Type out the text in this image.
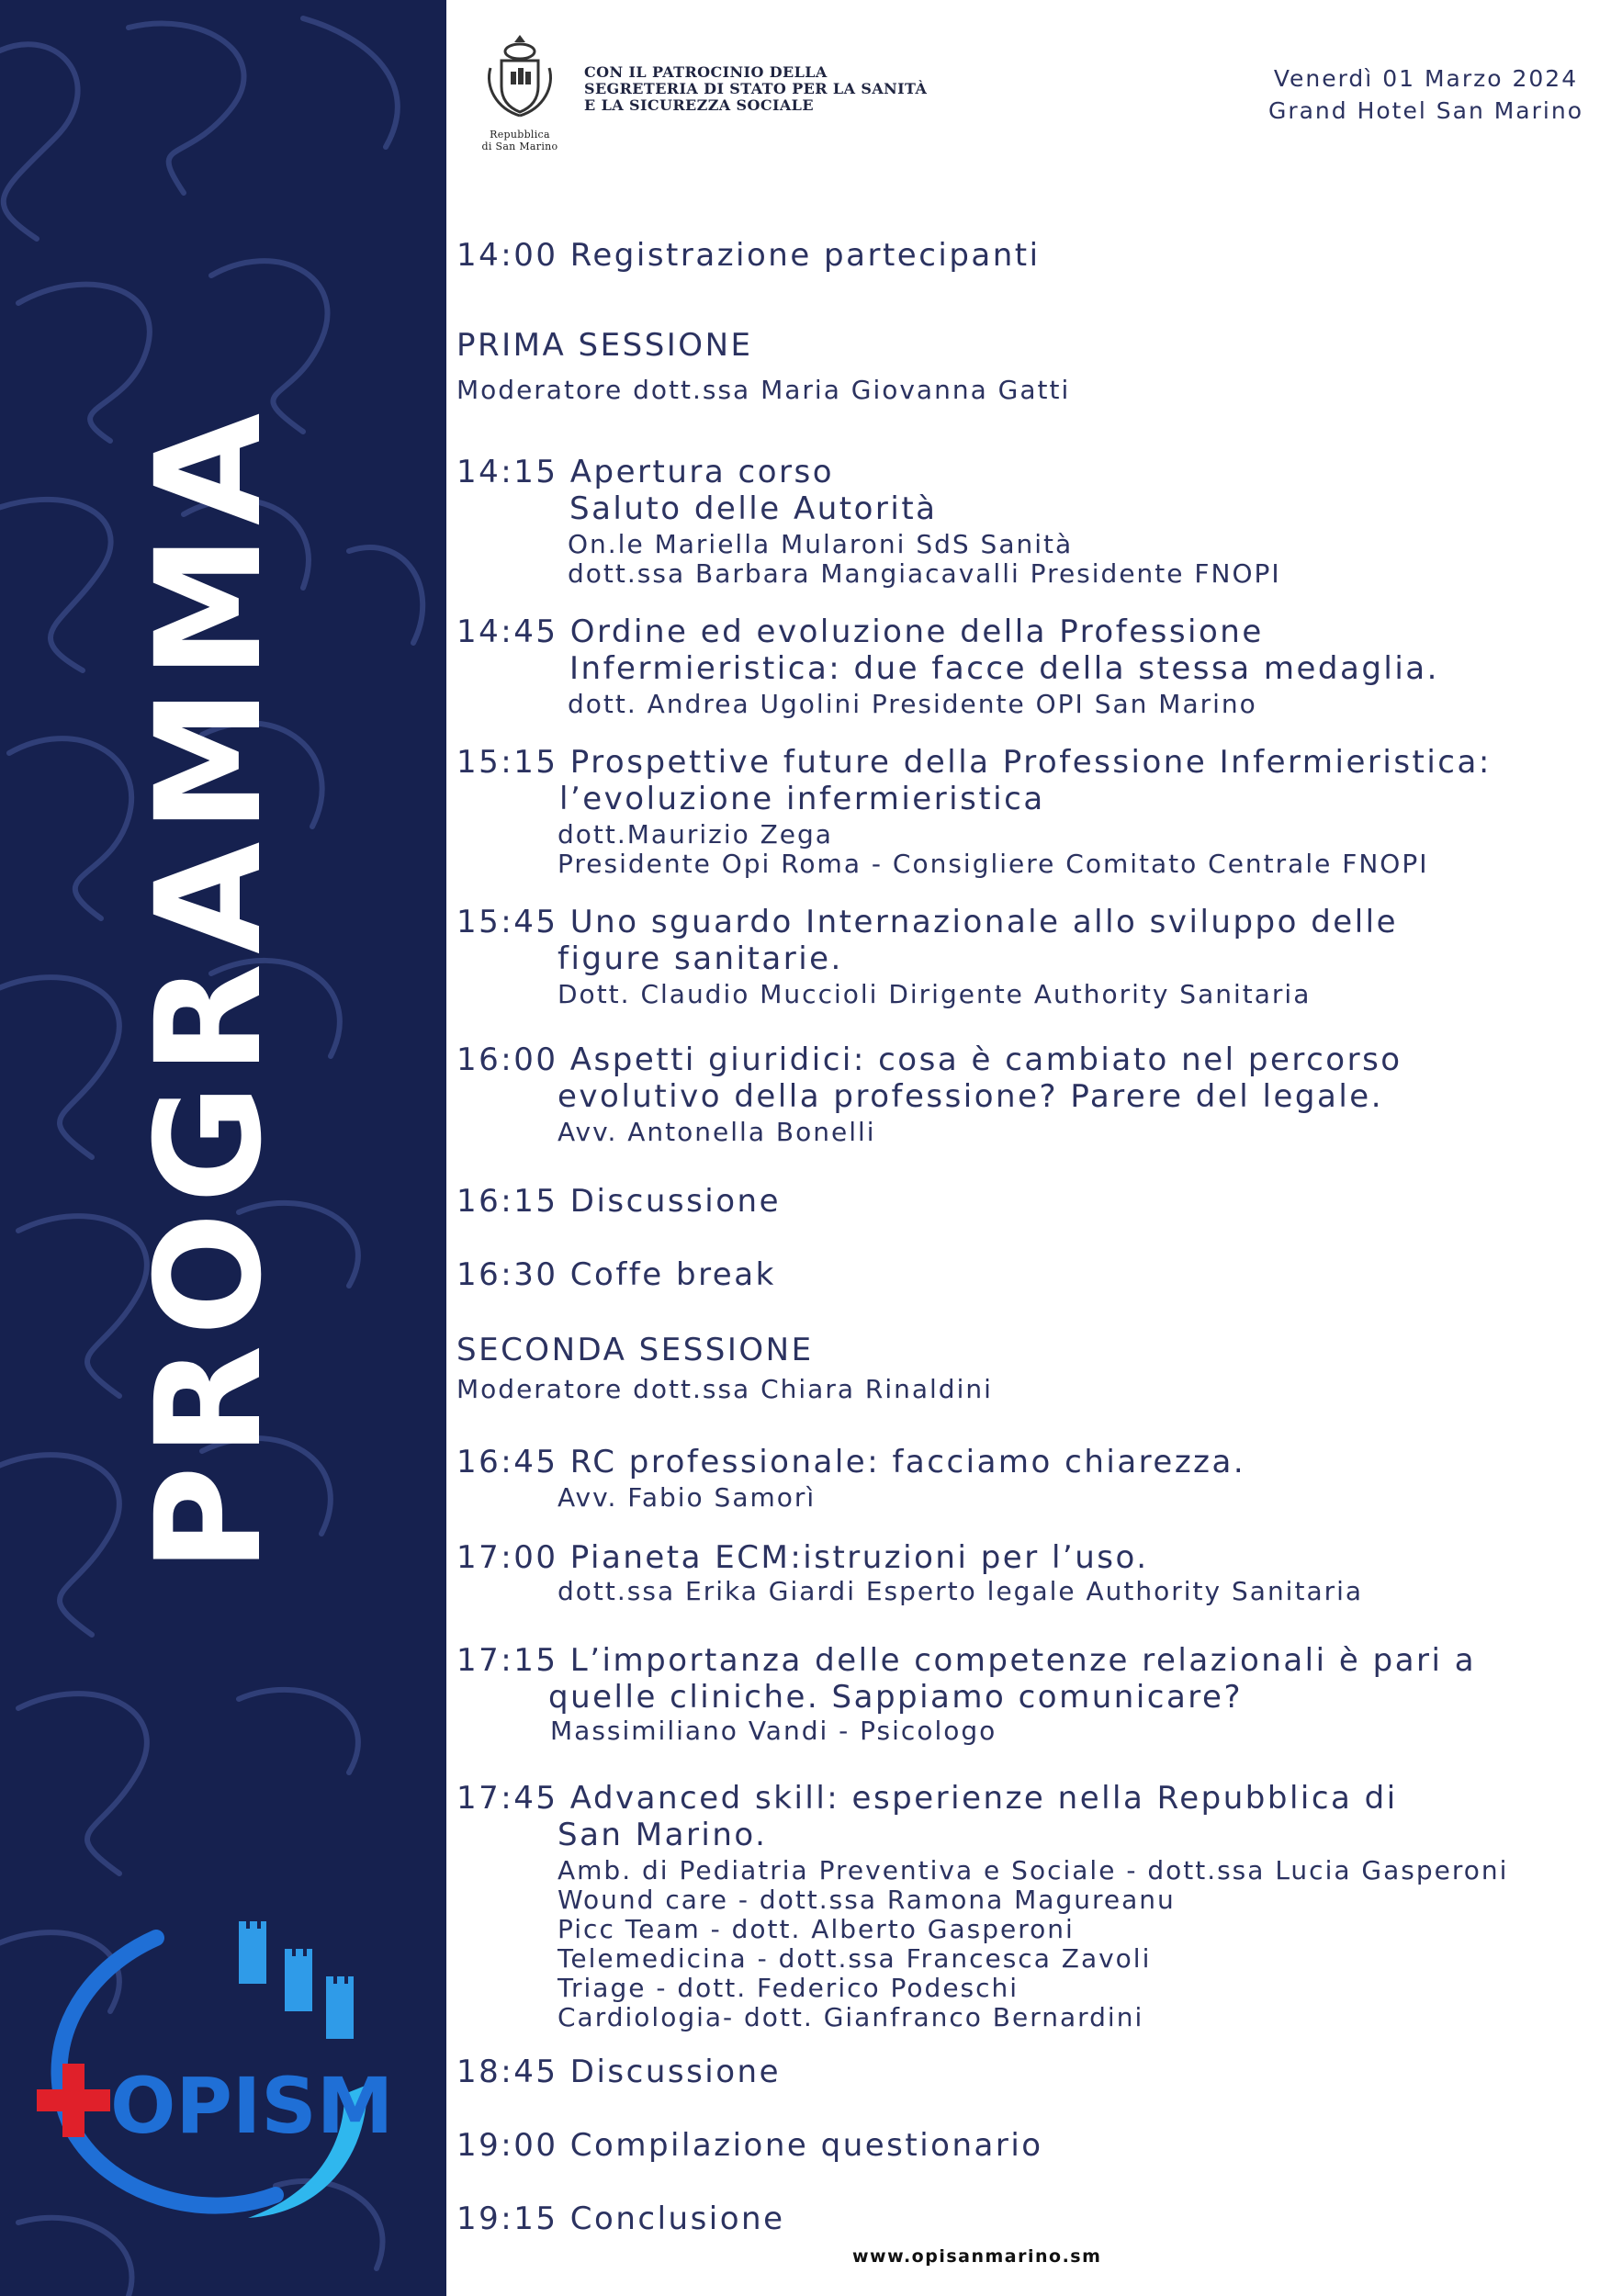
PROGRAMMA
OPISM
Repubblica
di San Marino
CON IL PATROCINIO DELLA
SEGRETERIA DI STATO PER LA SANITÀ
E LA SICUREZZA SOCIALE
Venerdì 01 Marzo 2024
Grand Hotel San Marino
14:00 Registrazione partecipanti
PRIMA SESSIONE
Moderatore dott.ssa Maria Giovanna Gatti
14:15 Apertura corso
Saluto delle Autorità
On.le Mariella Mularoni SdS Sanità
dott.ssa Barbara Mangiacavalli Presidente FNOPI
14:45 Ordine ed evoluzione della Professione
Infermieristica: due facce della stessa medaglia.
dott. Andrea Ugolini Presidente OPI San Marino
15:15 Prospettive future della Professione Infermieristica:
l’evoluzione infermieristica
dott.Maurizio Zega
Presidente Opi Roma - Consigliere Comitato Centrale FNOPI
15:45 Uno sguardo Internazionale allo sviluppo delle
figure sanitarie.
Dott. Claudio Muccioli Dirigente Authority Sanitaria
16:00 Aspetti giuridici: cosa è cambiato nel percorso
evolutivo della professione? Parere del legale.
Avv. Antonella Bonelli
16:15 Discussione
16:30 Coffe break
SECONDA SESSIONE
Moderatore dott.ssa Chiara Rinaldini
16:45 RC professionale: facciamo chiarezza.
Avv. Fabio Samorì
17:00 Pianeta ECM:istruzioni per l’uso.
dott.ssa Erika Giardi Esperto legale Authority Sanitaria
17:15 L’importanza delle competenze relazionali è pari a
quelle cliniche. Sappiamo comunicare?
Massimiliano Vandi - Psicologo
17:45 Advanced skill: esperienze nella Repubblica di
San Marino.
Amb. di Pediatria Preventiva e Sociale - dott.ssa Lucia Gasperoni
Wound care - dott.ssa Ramona Magureanu
Picc Team - dott. Alberto Gasperoni
Telemedicina - dott.ssa Francesca Zavoli
Triage - dott. Federico Podeschi
Cardiologia- dott. Gianfranco Bernardini
18:45 Discussione
19:00 Compilazione questionario
19:15 Conclusione
www.opisanmarino.sm
